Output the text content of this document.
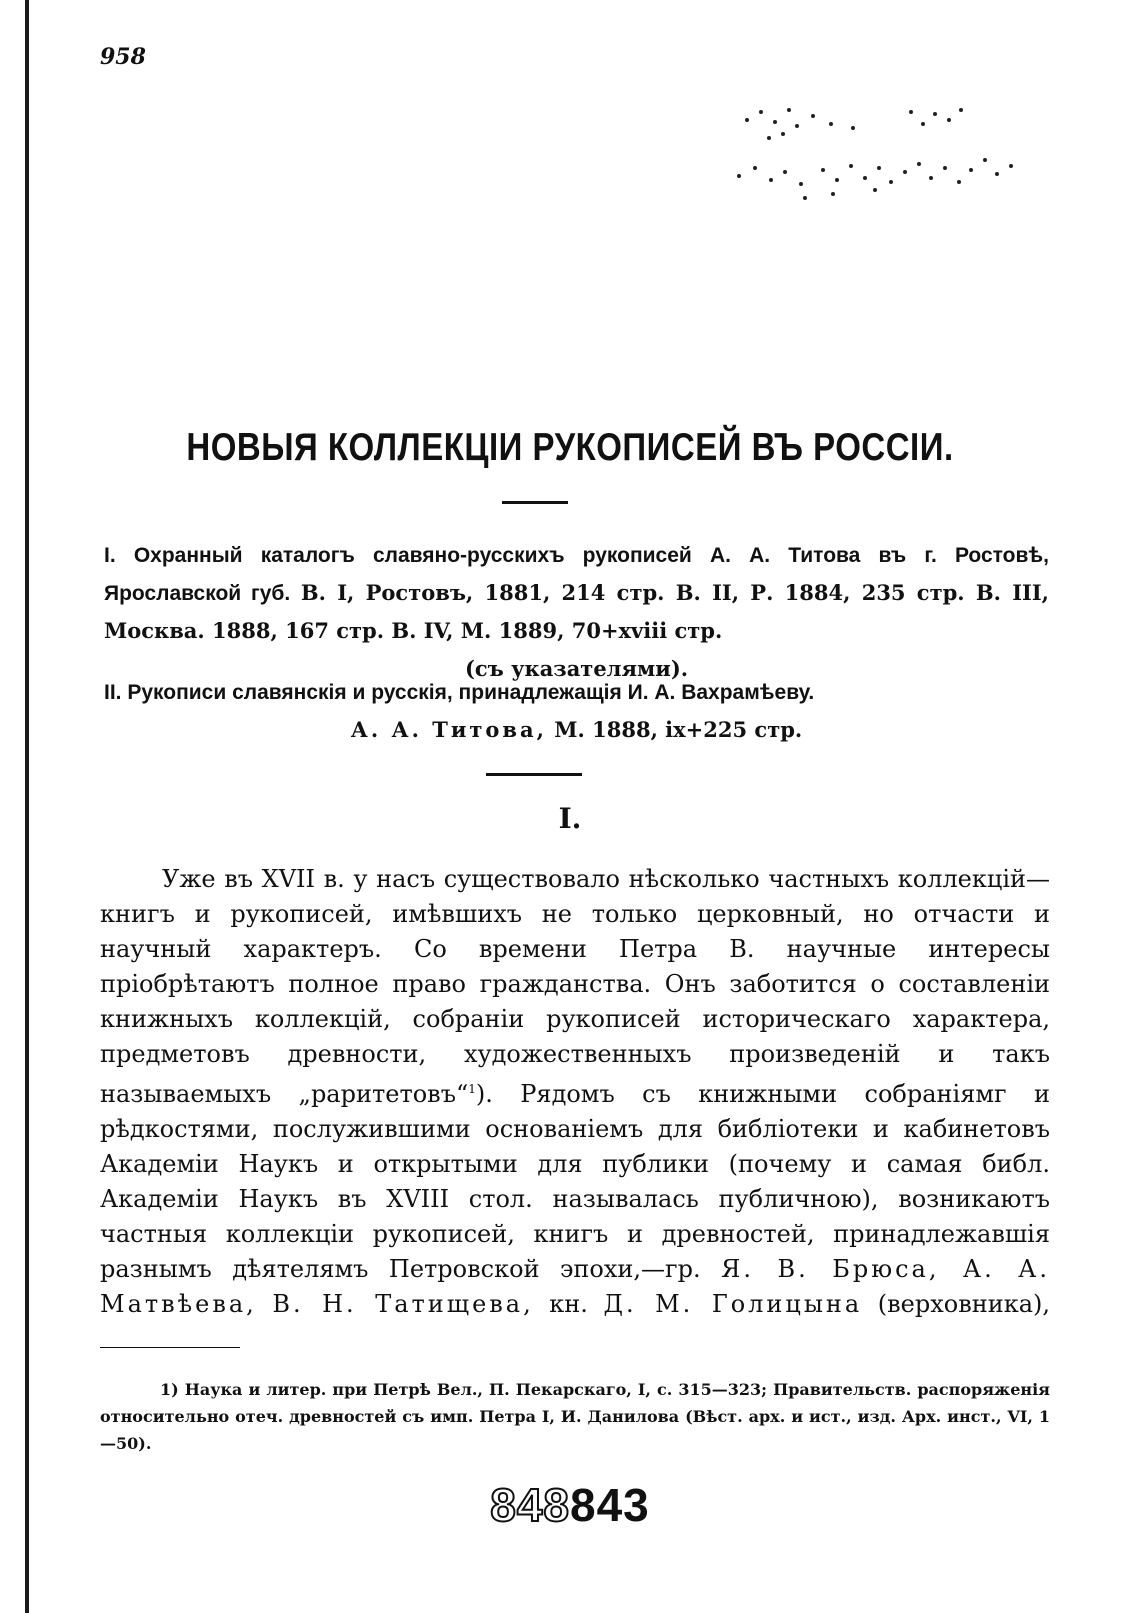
958
НОВЫЯ КОЛЛЕКЦІИ РУКОПИСЕЙ ВЪ РОССІИ.
I. Охранный каталогъ славяно-русскихъ рукописей А. А. Титова въ г. Ростовѣ, Ярославской губ. В. I, Ростовъ, 1881, 214 стр. В. II, Р. 1884, 235 стр. В. III, Москва. 1888, 167 стр. В. IV, М. 1889, 70+xviii стр.
(съ указателями).
II. Рукописи славянскія и русскія, принадлежащія И. А. Вахрамѣеву.
А. А. Титова, М. 1888, ix+225 стр.
I.
Уже въ XVII в. у насъ существовало нѣсколько частныхъ коллекцій—книгъ и рукописей, имѣвшихъ не только церковный, но отчасти и научный характеръ. Со времени Петра В. научные интересы пріобрѣтаютъ полное право гражданства. Онъ заботится о составленіи книжныхъ коллекцій, собраніи рукописей историческаго характера, предметовъ древности, художественныхъ произведеній и такъ называемыхъ „раритетовъ“$^1$). Рядомъ съ книжными собраніямг и рѣдкостями, послужившими основаніемъ для библіотеки и кабинетовъ Академіи Наукъ и открытыми для публики (почему и самая библ. Академіи Наукъ въ XVIII стол. называлась публичною), возникаютъ частныя коллекціи рукописей, книгъ и древностей, принадлежавшія разнымъ дѣятелямъ Петровской эпохи,—гр. Я. В. Брюса, А. А. Матвѣева, В. Н. Татищева, кн. Д. М. Голицына (верховника),
1) Наука и литер. при Петрѣ Вел., П. Пекарскаго, I, с. 315—323; Правительств. распоряженія относительно отеч. древностей съ имп. Петра I, И. Данилова (Вѣст. арх. и ист., изд. Арх. инст., VI, 1—50).
848843
